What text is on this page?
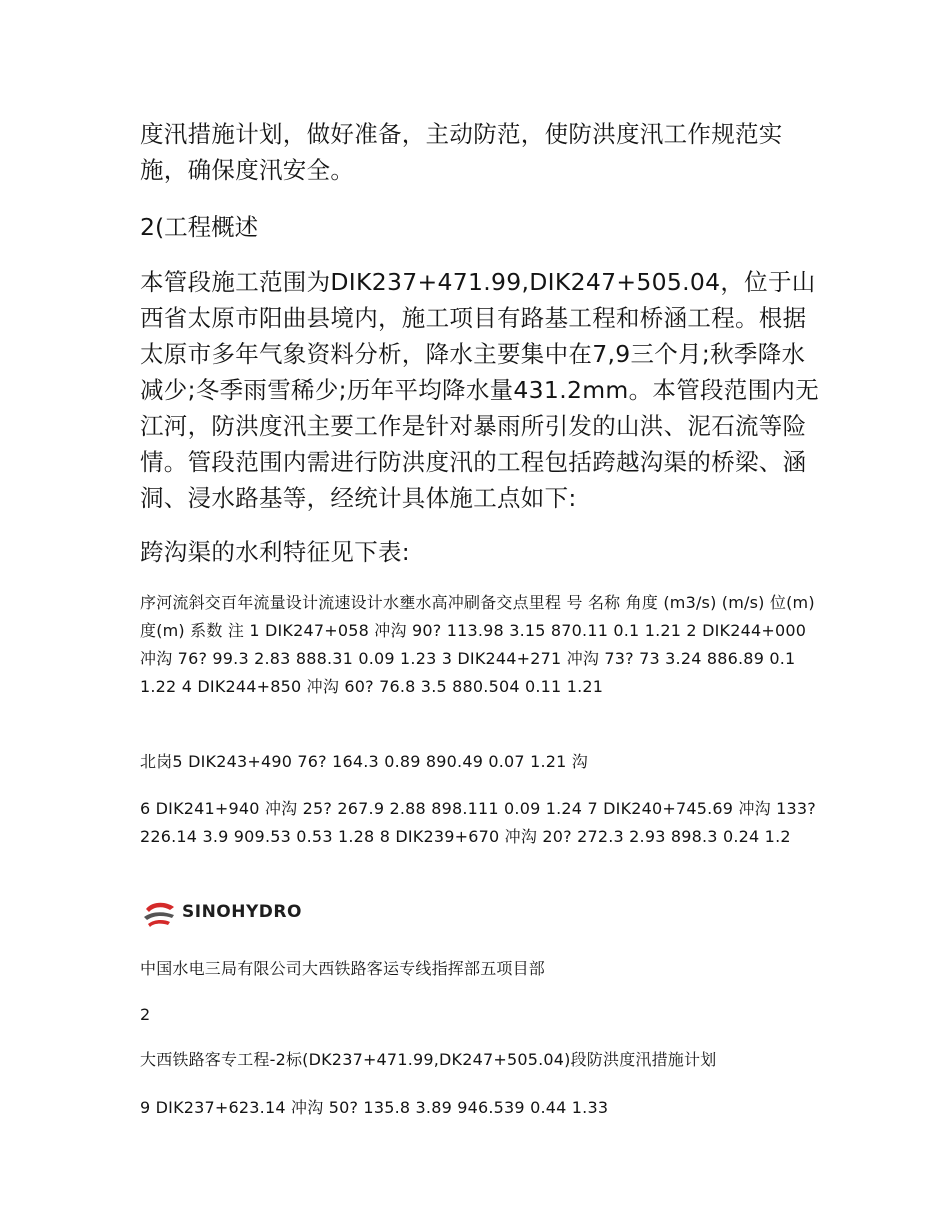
度汛措施计划，做好准备，主动防范，使防洪度汛工作规范实施，确保度汛安全。
2(工程概述
本管段施工范围为DIK237+471.99,DIK247+505.04，位于山西省太原市阳曲县境内，施工项目有路基工程和桥涵工程。根据太原市多年气象资料分析，降水主要集中在7,9三个月;秋季降水减少;冬季雨雪稀少;历年平均降水量431.2mm。本管段范围内无江河，防洪度汛主要工作是针对暴雨所引发的山洪、泥石流等险情。管段范围内需进行防洪度汛的工程包括跨越沟渠的桥梁、涵洞、浸水路基等，经统计具体施工点如下:
跨沟渠的水利特征见下表:
序河流斜交百年流量设计流速设计水壅水高冲刷备交点里程 号 名称 角度 (m3/s) (m/s) 位(m) 度(m) 系数 注 1 DIK247+058 冲沟 90? 113.98 3.15 870.11 0.1 1.21 2 DIK244+000 冲沟 76? 99.3 2.83 888.31 0.09 1.23 3 DIK244+271 冲沟 73? 73 3.24 886.89 0.1 1.22 4 DIK244+850 冲沟 60? 76.8 3.5 880.504 0.11 1.21
北岗5 DIK243+490 76? 164.3 0.89 890.49 0.07 1.21 沟
6 DIK241+940 冲沟 25? 267.9 2.88 898.111 0.09 1.24 7 DIK240+745.69 冲沟 133? 226.14 3.9 909.53 0.53 1.28 8 DIK239+670 冲沟 20? 272.3 2.93 898.3 0.24 1.2
SINOHYDRO
中国水电三局有限公司大西铁路客运专线指挥部五项目部
2
大西铁路客专工程-2标(DK237+471.99,DK247+505.04)段防洪度汛措施计划
9 DIK237+623.14 冲沟 50? 135.8 3.89 946.539 0.44 1.33
